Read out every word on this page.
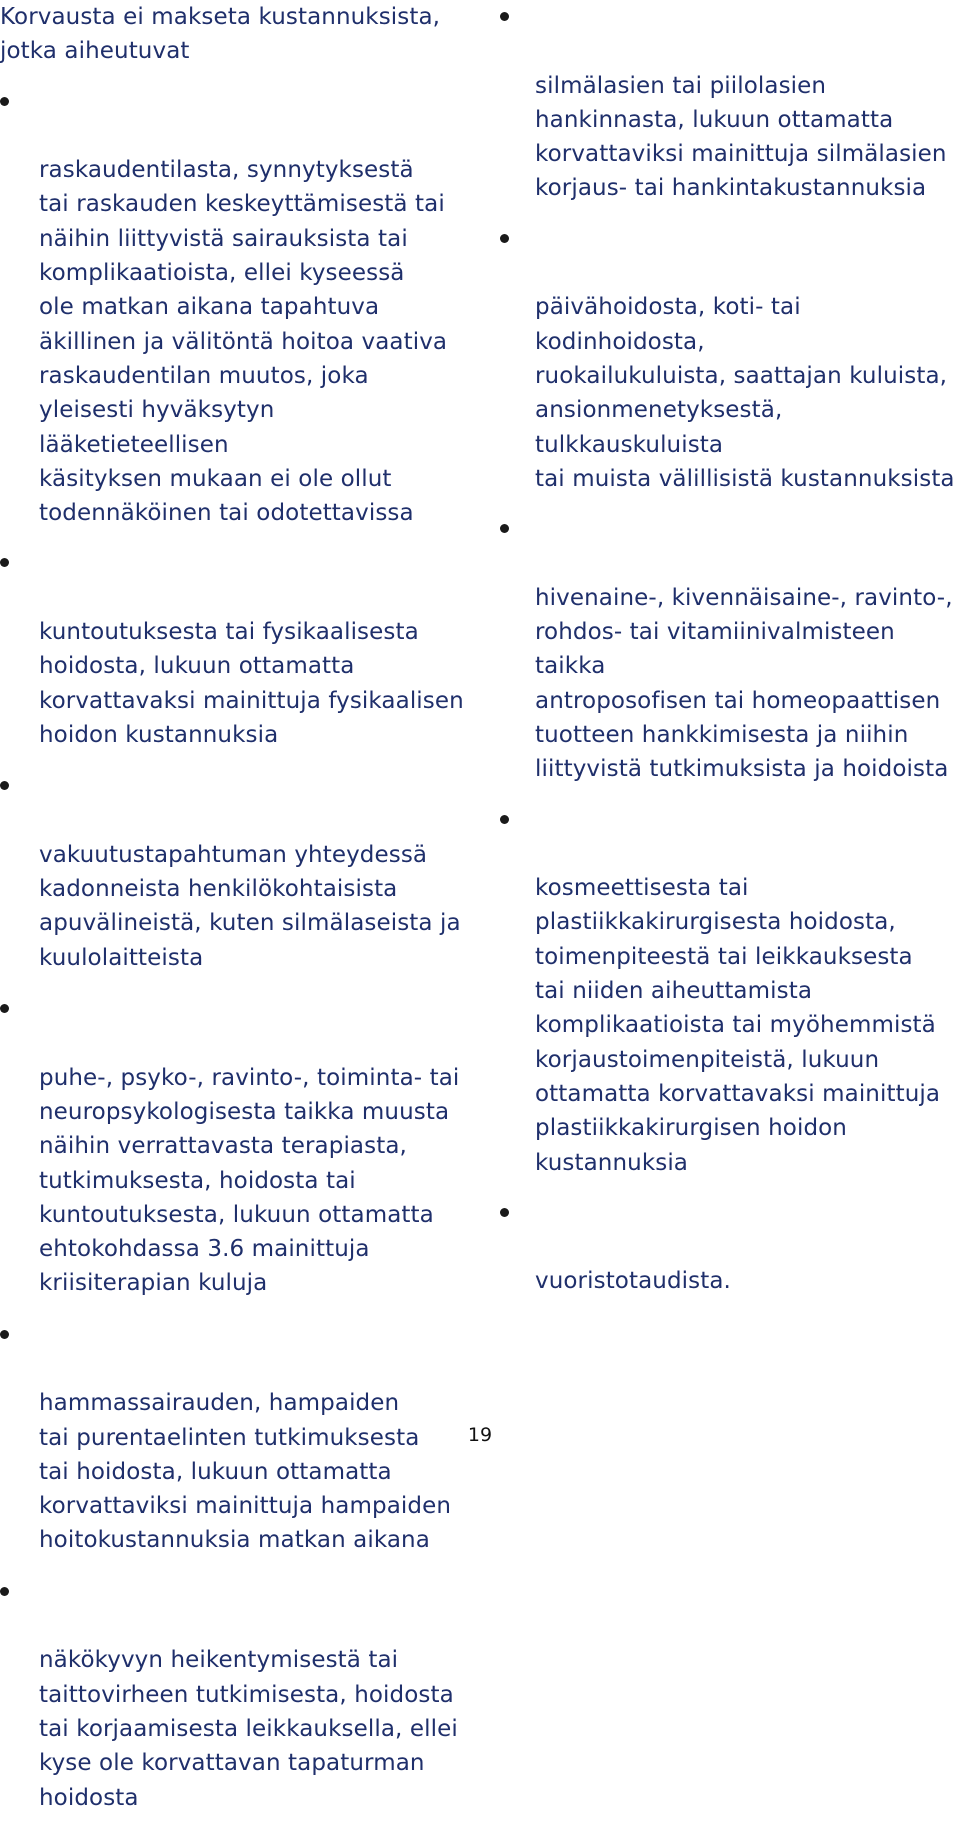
Korvausta ei makseta kustannuksista,
jotka aiheutuvat

raskaudentilasta, synnytyksestä
tai raskauden keskeyttämisestä tai
näihin liittyvistä sairauksista tai
komplikaatioista, ellei kyseessä
ole matkan aikana tapahtuva
äkillinen ja välitöntä hoitoa vaativa
raskaudentilan muutos, joka
yleisesti hyväksytyn lääketieteellisen
käsityksen mukaan ei ole ollut
todennäköinen tai odotettavissa

kuntoutuksesta tai fysikaalisesta
hoidosta, lukuun ottamatta
korvattavaksi mainittuja fysikaalisen
hoidon kustannuksia

vakuutustapahtuman yhteydessä
kadonneista henkilökohtaisista
apuvälineistä, kuten silmälaseista ja
kuulolaitteista

puhe-, psyko-, ravinto-, toiminta- tai
neuropsykologisesta taikka muusta
näihin verrattavasta terapiasta,
tutkimuksesta, hoidosta tai
kuntoutuksesta, lukuun ottamatta
ehtokohdassa 3.6 mainittuja
kriisiterapian kuluja

hammassairauden, hampaiden
tai purentaelinten tutkimuksesta
tai hoidosta, lukuun ottamatta
korvattaviksi mainittuja hampaiden
hoitokustannuksia matkan aikana

näkökyvyn heikentymisestä tai
taittovirheen tutkimisesta, hoidosta
tai korjaamisesta leikkauksella, ellei
kyse ole korvattavan tapaturman
hoidosta

silmälasien tai piilolasien
hankinnasta, lukuun ottamatta
korvattaviksi mainittuja silmälasien
korjaus- tai hankintakustannuksia

päivähoidosta, koti- tai kodinhoidosta,
ruokailukuluista, saattajan kuluista,
ansionmenetyksestä, tulkkauskuluista
tai muista välillisistä kustannuksista

hivenaine-, kivennäisaine-, ravinto-,
rohdos- tai vitamiinivalmisteen taikka
antroposofisen tai homeopaattisen
tuotteen hankkimisesta ja niihin
liittyvistä tutkimuksista ja hoidoista

kosmeettisesta tai
plastiikkakirurgisesta hoidosta,
toimenpiteestä tai leikkauksesta
tai niiden aiheuttamista
komplikaatioista tai myöhemmistä
korjaustoimenpiteistä, lukuun
ottamatta korvattavaksi mainittuja
plastiikkakirurgisen hoidon
kustannuksia

vuoristotaudista.

19
